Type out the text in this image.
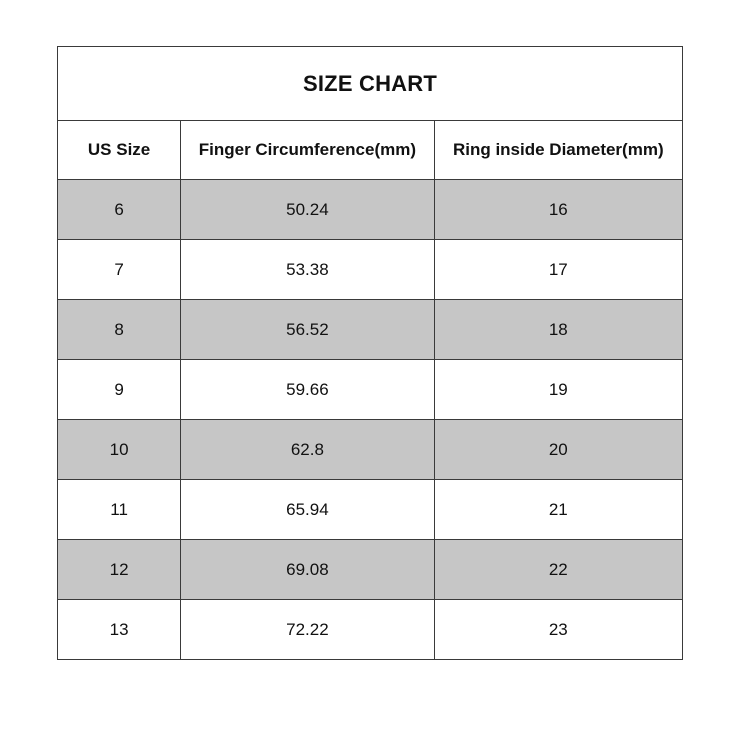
SIZE CHART		
US Size	Finger Circumference(mm)	Ring inside Diameter(mm)
6	50.24	16
7	53.38	17
8	56.52	18
9	59.66	19
10	62.8	20
11	65.94	21
12	69.08	22
13	72.22	23
